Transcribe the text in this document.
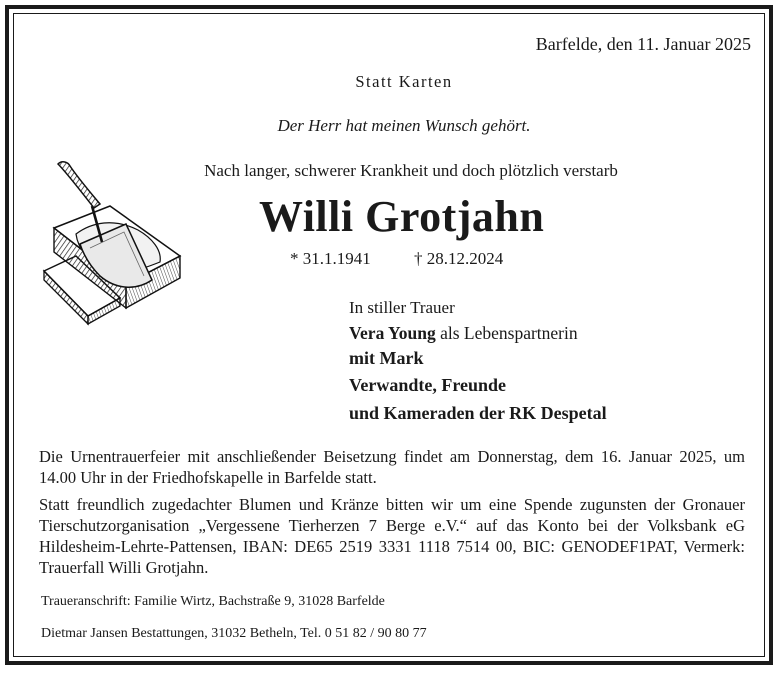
Barfelde, den 11. Januar 2025
Statt Karten
Der Herr hat meinen Wunsch gehört.
Nach langer, schwerer Krankheit und doch plötzlich verstarb
Willi Grotjahn
* 31.1.1941	† 28.12.2024
In stiller Trauer
Vera Young als Lebenspartnerin
mit Mark
Verwandte, Freunde
und Kameraden der RK Despetal

Die Urnentrauerfeier mit anschließender Beisetzung findet am Donnerstag, dem 16. Januar 2025, um 14.00 Uhr in der Friedhofskapelle in Barfelde statt.

Statt freundlich zugedachter Blumen und Kränze bitten wir um eine Spende zugunsten der Gronauer Tierschutzorganisation „Vergessene Tierherzen 7 Berge e.V.“ auf das Konto bei der Volksbank eG Hildesheim-Lehrte-Pattensen, IBAN: DE65 2519 3331 1118 7514 00, BIC: GENODEF1PAT, Vermerk: Trauerfall Willi Grotjahn.

Traueranschrift: Familie Wirtz, Bachstraße 9, 31028 Barfelde
Dietmar Jansen Bestattungen, 31032 Betheln, Tel. 0 51 82 / 90 80 77
